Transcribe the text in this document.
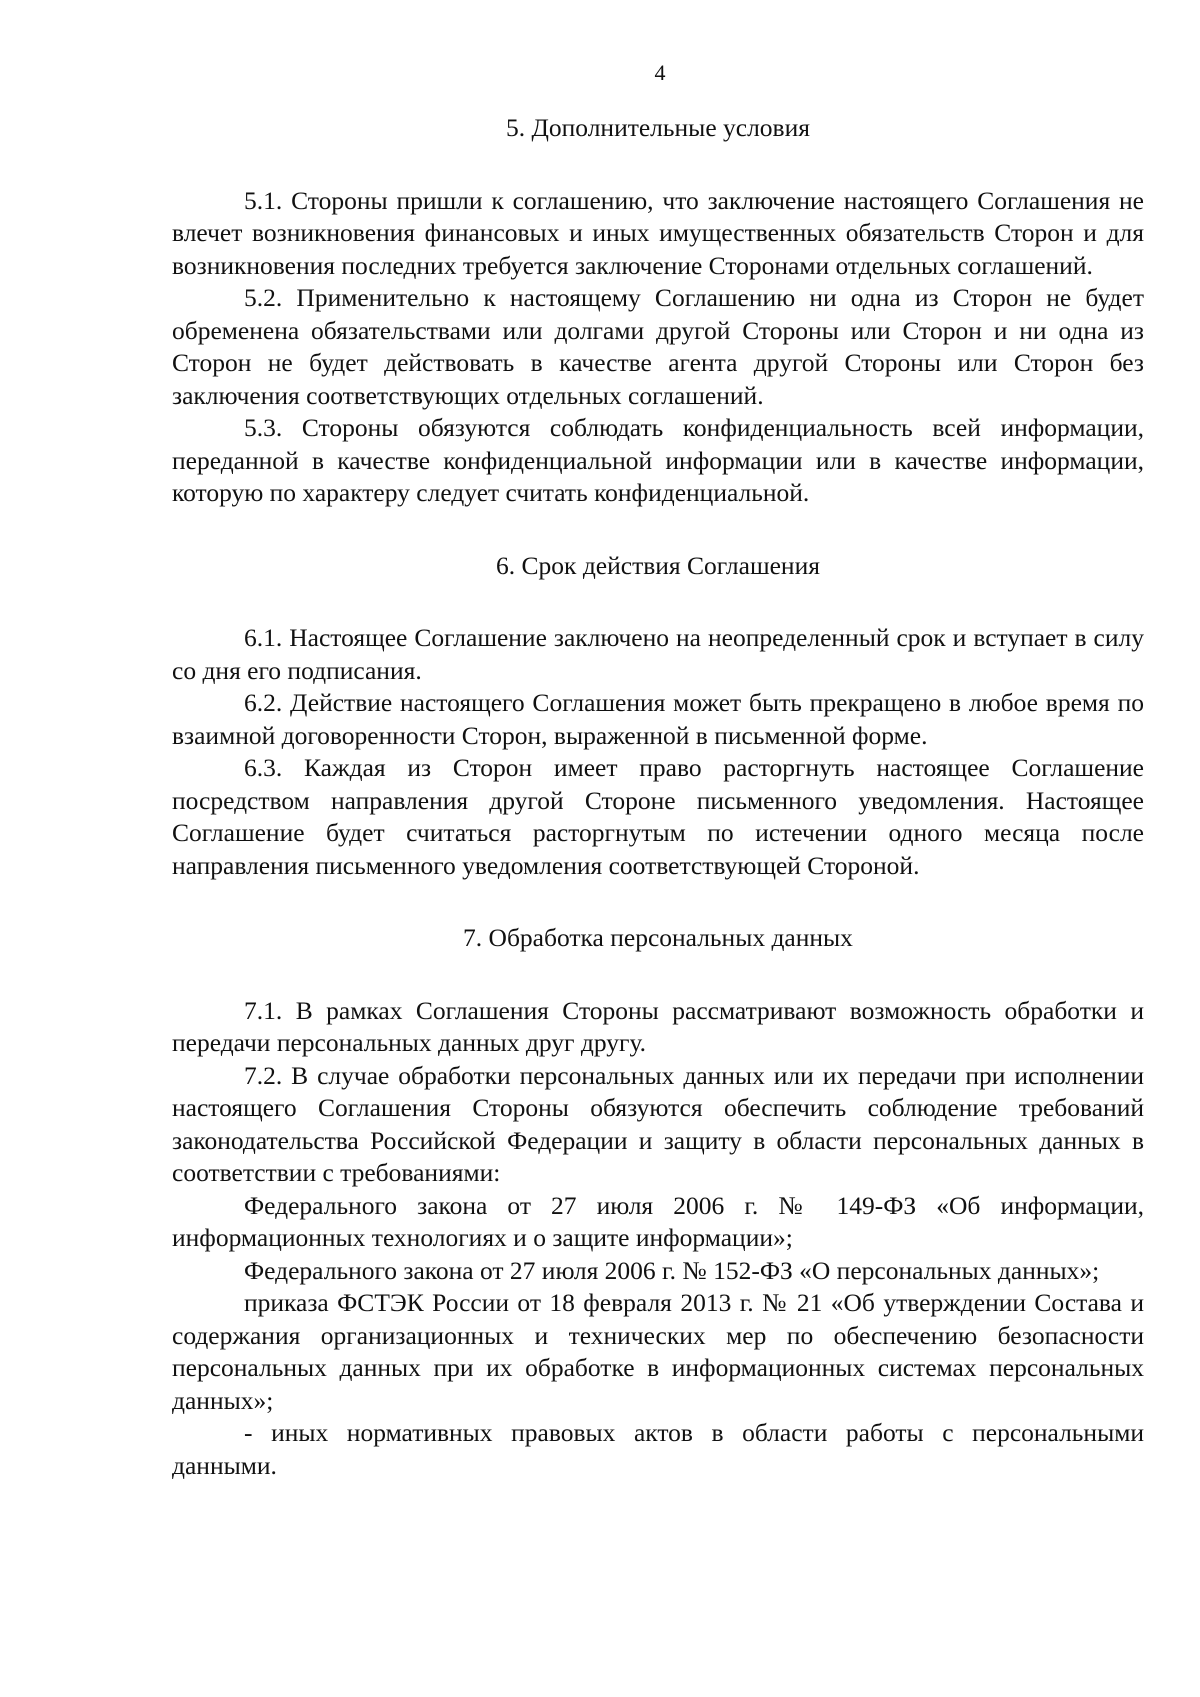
4

5. Дополнительные условия

5.1. Стороны пришли к соглашению, что заключение настоящего Соглашения не влечет возникновения финансовых и иных имущественных обязательств Сторон и для возникновения последних требуется заключение Сторонами отдельных соглашений.

5.2. Применительно к настоящему Соглашению ни одна из Сторон не будет обременена обязательствами или долгами другой Стороны или Сторон и ни одна из Сторон не будет действовать в качестве агента другой Стороны или Сторон без заключения соответствующих отдельных соглашений.

5.3. Стороны обязуются соблюдать конфиденциальность всей информации, переданной в качестве конфиденциальной информации или в качестве информации, которую по характеру следует считать конфиденциальной.

6. Срок действия Соглашения

6.1. Настоящее Соглашение заключено на неопределенный срок и вступает в силу со дня его подписания.

6.2. Действие настоящего Соглашения может быть прекращено в любое время по взаимной договоренности Сторон, выраженной в письменной форме.

6.3. Каждая из Сторон имеет право расторгнуть настоящее Соглашение посредством направления другой Стороне письменного уведомления. Настоящее Соглашение будет считаться расторгнутым по истечении одного месяца после направления письменного уведомления соответствующей Стороной.

7. Обработка персональных данных

7.1. В рамках Соглашения Стороны рассматривают возможность обработки и передачи персональных данных друг другу.

7.2. В случае обработки персональных данных или их передачи при исполнении настоящего Соглашения Стороны обязуются обеспечить соблюдение требований законодательства Российской Федерации и защиту в области персональных данных в соответствии с требованиями:

Федерального закона от 27 июля 2006 г. № 149-ФЗ «Об информации, информационных технологиях и о защите информации»;

Федерального закона от 27 июля 2006 г. № 152-ФЗ «О персональных данных»;

приказа ФСТЭК России от 18 февраля 2013 г. № 21 «Об утверждении Состава и содержания организационных и технических мер по обеспечению безопасности персональных данных при их обработке в информационных системах персональных данных»;

- иных нормативных правовых актов в области работы с персональными данными.
